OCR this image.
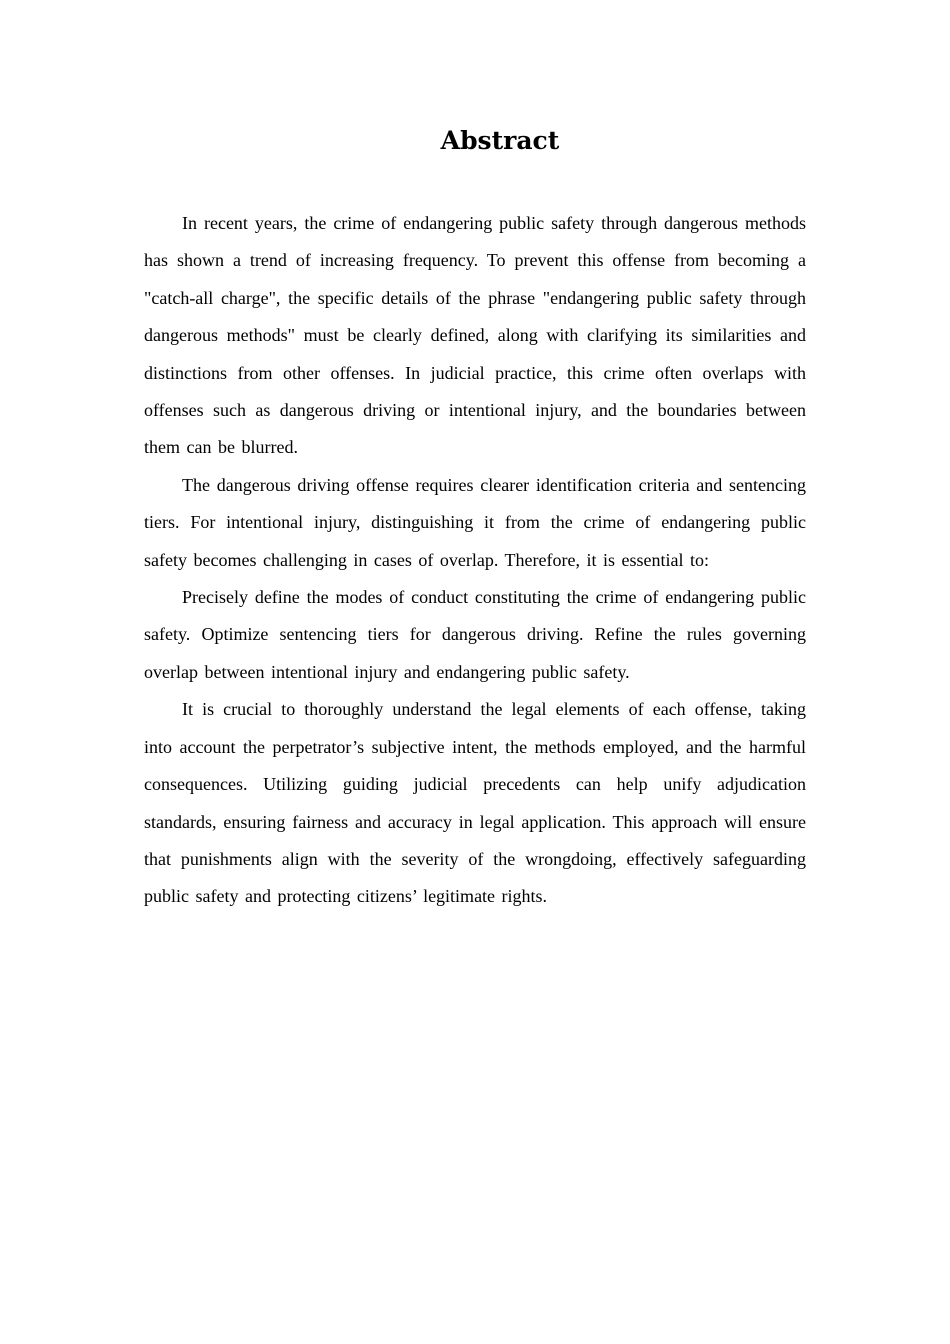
Abstract

In recent years, the crime of endangering public safety through dangerous methods has shown a trend of increasing frequency. To prevent this offense from becoming a "catch-all charge", the specific details of the phrase "endangering public safety through dangerous methods" must be clearly defined, along with clarifying its similarities and distinctions from other offenses. In judicial practice, this crime often overlaps with offenses such as dangerous driving or intentional injury, and the boundaries between them can be blurred.

The dangerous driving offense requires clearer identification criteria and sentencing tiers. For intentional injury, distinguishing it from the crime of endangering public safety becomes challenging in cases of overlap. Therefore, it is essential to:

Precisely define the modes of conduct constituting the crime of endangering public safety. Optimize sentencing tiers for dangerous driving. Refine the rules governing overlap between intentional injury and endangering public safety.

It is crucial to thoroughly understand the legal elements of each offense, taking into account the perpetrator’s subjective intent, the methods employed, and the harmful consequences. Utilizing guiding judicial precedents can help unify adjudication standards, ensuring fairness and accuracy in legal application. This approach will ensure that punishments align with the severity of the wrongdoing, effectively safeguarding public safety and protecting citizens’ legitimate rights.
